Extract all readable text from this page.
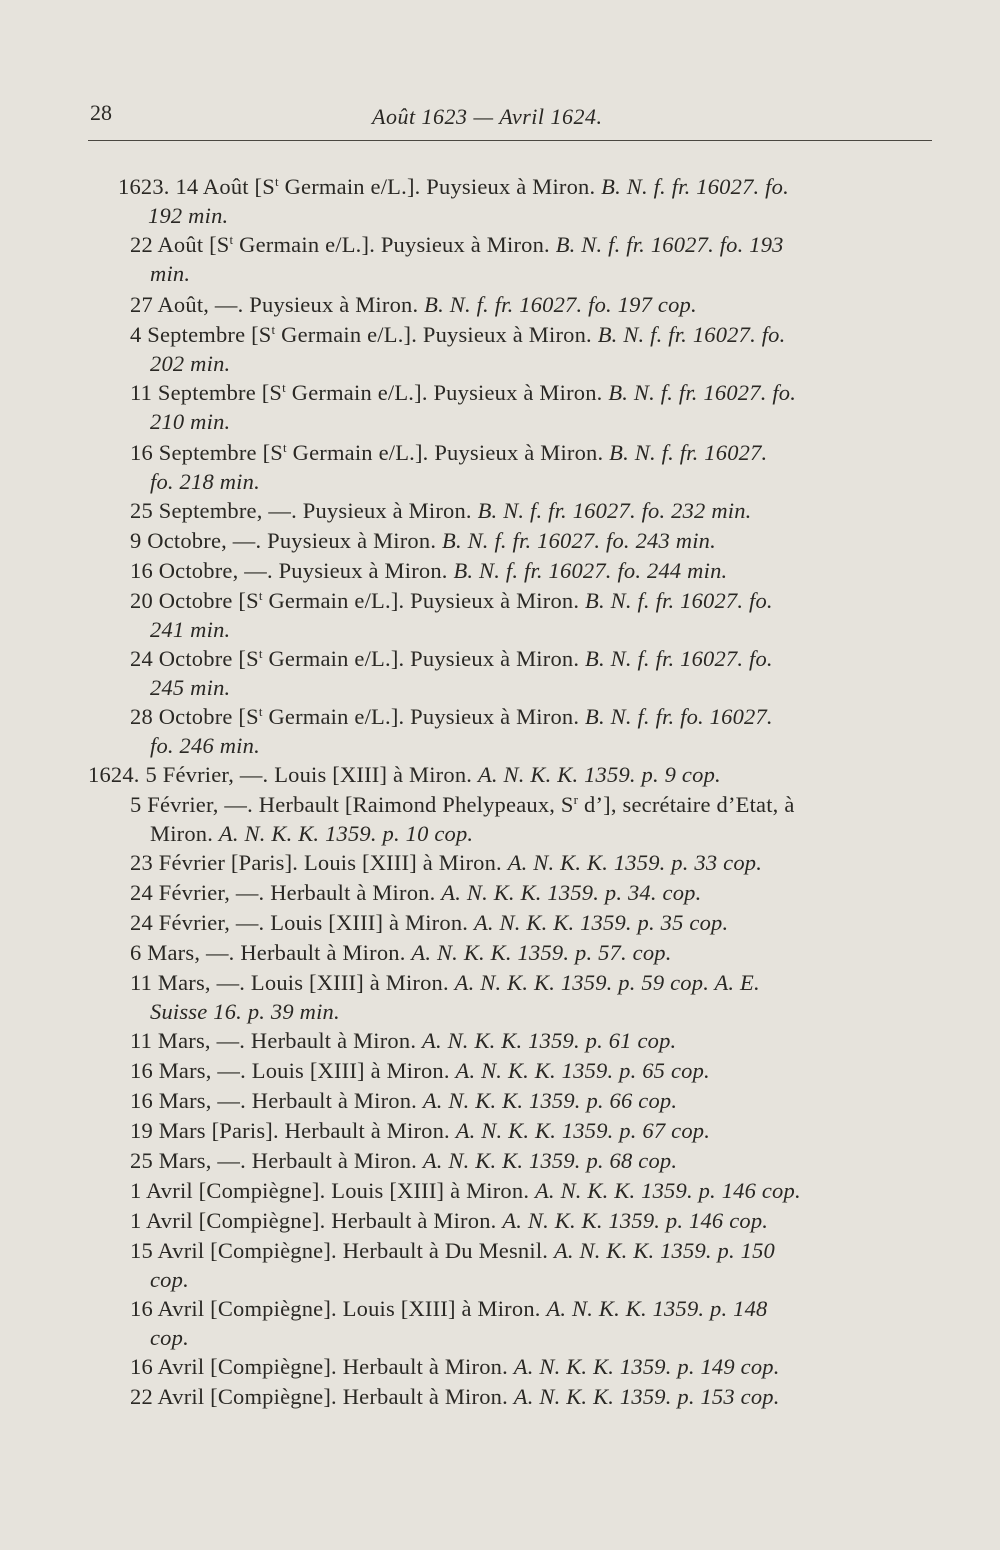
28	Août 1623 — Avril 1624.
1623. 14 Août [$S^t$ Germain e/L.]. Puysieux à Miron. B. N. f. fr. 16027. fo.
192 min.
22 Août [$S^t$ Germain e/L.]. Puysieux à Miron. B. N. f. fr. 16027. fo. 193
min.
27 Août, —. Puysieux à Miron. B. N. f. fr. 16027. fo. 197 cop.
4 Septembre [$S^t$ Germain e/L.]. Puysieux à Miron. B. N. f. fr. 16027. fo.
202 min.
11 Septembre [$S^t$ Germain e/L.]. Puysieux à Miron. B. N. f. fr. 16027. fo.
210 min.
16 Septembre [$S^t$ Germain e/L.]. Puysieux à Miron. B. N. f. fr. 16027.
fo. 218 min.
25 Septembre, —. Puysieux à Miron. B. N. f. fr. 16027. fo. 232 min.
9 Octobre, —. Puysieux à Miron. B. N. f. fr. 16027. fo. 243 min.
16 Octobre, —. Puysieux à Miron. B. N. f. fr. 16027. fo. 244 min.
20 Octobre [$S^t$ Germain e/L.]. Puysieux à Miron. B. N. f. fr. 16027. fo.
241 min.
24 Octobre [$S^t$ Germain e/L.]. Puysieux à Miron. B. N. f. fr. 16027. fo.
245 min.
28 Octobre [$S^t$ Germain e/L.]. Puysieux à Miron. B. N. f. fr. fo. 16027.
fo. 246 min.
1624. 5 Février, —. Louis [XIII] à Miron. A. N. K. K. 1359. p. 9 cop.
5 Février, —. Herbault [Raimond Phelypeaux, $S^r$ d’], secrétaire d’Etat, à
Miron. A. N. K. K. 1359. p. 10 cop.
23 Février [Paris]. Louis [XIII] à Miron. A. N. K. K. 1359. p. 33 cop.
24 Février, —. Herbault à Miron. A. N. K. K. 1359. p. 34. cop.
24 Février, —. Louis [XIII] à Miron. A. N. K. K. 1359. p. 35 cop.
6 Mars, —. Herbault à Miron. A. N. K. K. 1359. p. 57. cop.
11 Mars, —. Louis [XIII] à Miron. A. N. K. K. 1359. p. 59 cop. A. E.
Suisse 16. p. 39 min.
11 Mars, —. Herbault à Miron. A. N. K. K. 1359. p. 61 cop.
16 Mars, —. Louis [XIII] à Miron. A. N. K. K. 1359. p. 65 cop.
16 Mars, —. Herbault à Miron. A. N. K. K. 1359. p. 66 cop.
19 Mars [Paris]. Herbault à Miron. A. N. K. K. 1359. p. 67 cop.
25 Mars, —. Herbault à Miron. A. N. K. K. 1359. p. 68 cop.
1 Avril [Compiègne]. Louis [XIII] à Miron. A. N. K. K. 1359. p. 146 cop.
1 Avril [Compiègne]. Herbault à Miron. A. N. K. K. 1359. p. 146 cop.
15 Avril [Compiègne]. Herbault à Du Mesnil. A. N. K. K. 1359. p. 150
cop.
16 Avril [Compiègne]. Louis [XIII] à Miron. A. N. K. K. 1359. p. 148
cop.
16 Avril [Compiègne]. Herbault à Miron. A. N. K. K. 1359. p. 149 cop.
22 Avril [Compiègne]. Herbault à Miron. A. N. K. K. 1359. p. 153 cop.
